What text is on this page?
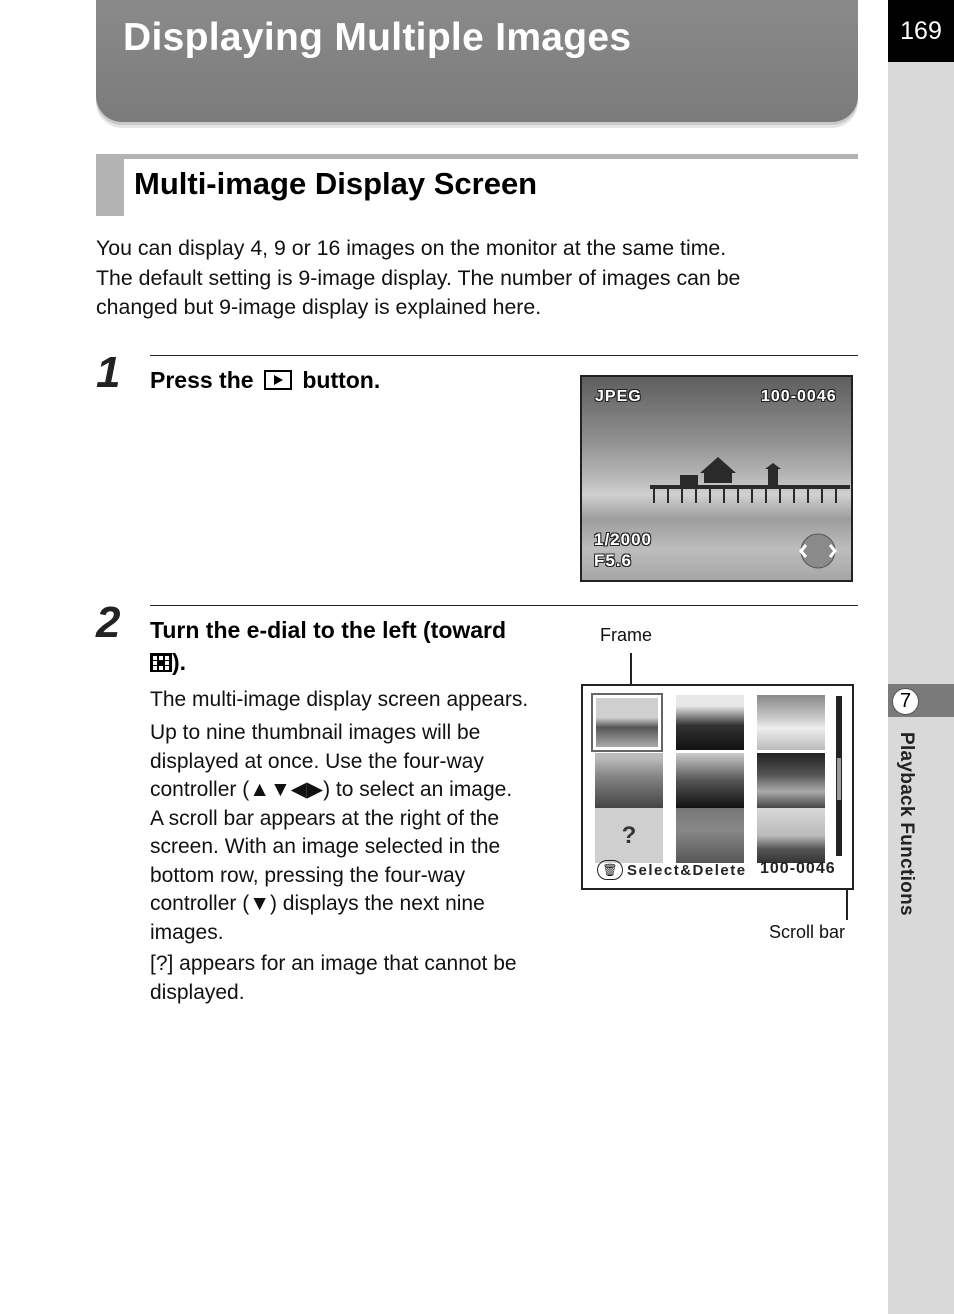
Displaying Multiple Images	169
7
Playback Functions
Multi-image Display Screen
You can display 4, 9 or 16 images on the monitor at the same time.
The default setting is 9-image display. The number of images can be
changed but 9-image display is explained here.
1 Press the  button.
JPEG	100-0046
1/2000
F5.6
2 Turn the e-dial to the left (toward
).
The multi-image display screen appears.
Up to nine thumbnail images will be
displayed at once. Use the four-way
controller (▲▼◀▶) to select an image.
A scroll bar appears at the right of the
screen. With an image selected in the
bottom row, pressing the four-way
controller (▼) displays the next nine
images.
[?] appears for an image that cannot be
displayed.
Frame
Scroll bar
?
🗑 Select&Delete 100-0046
